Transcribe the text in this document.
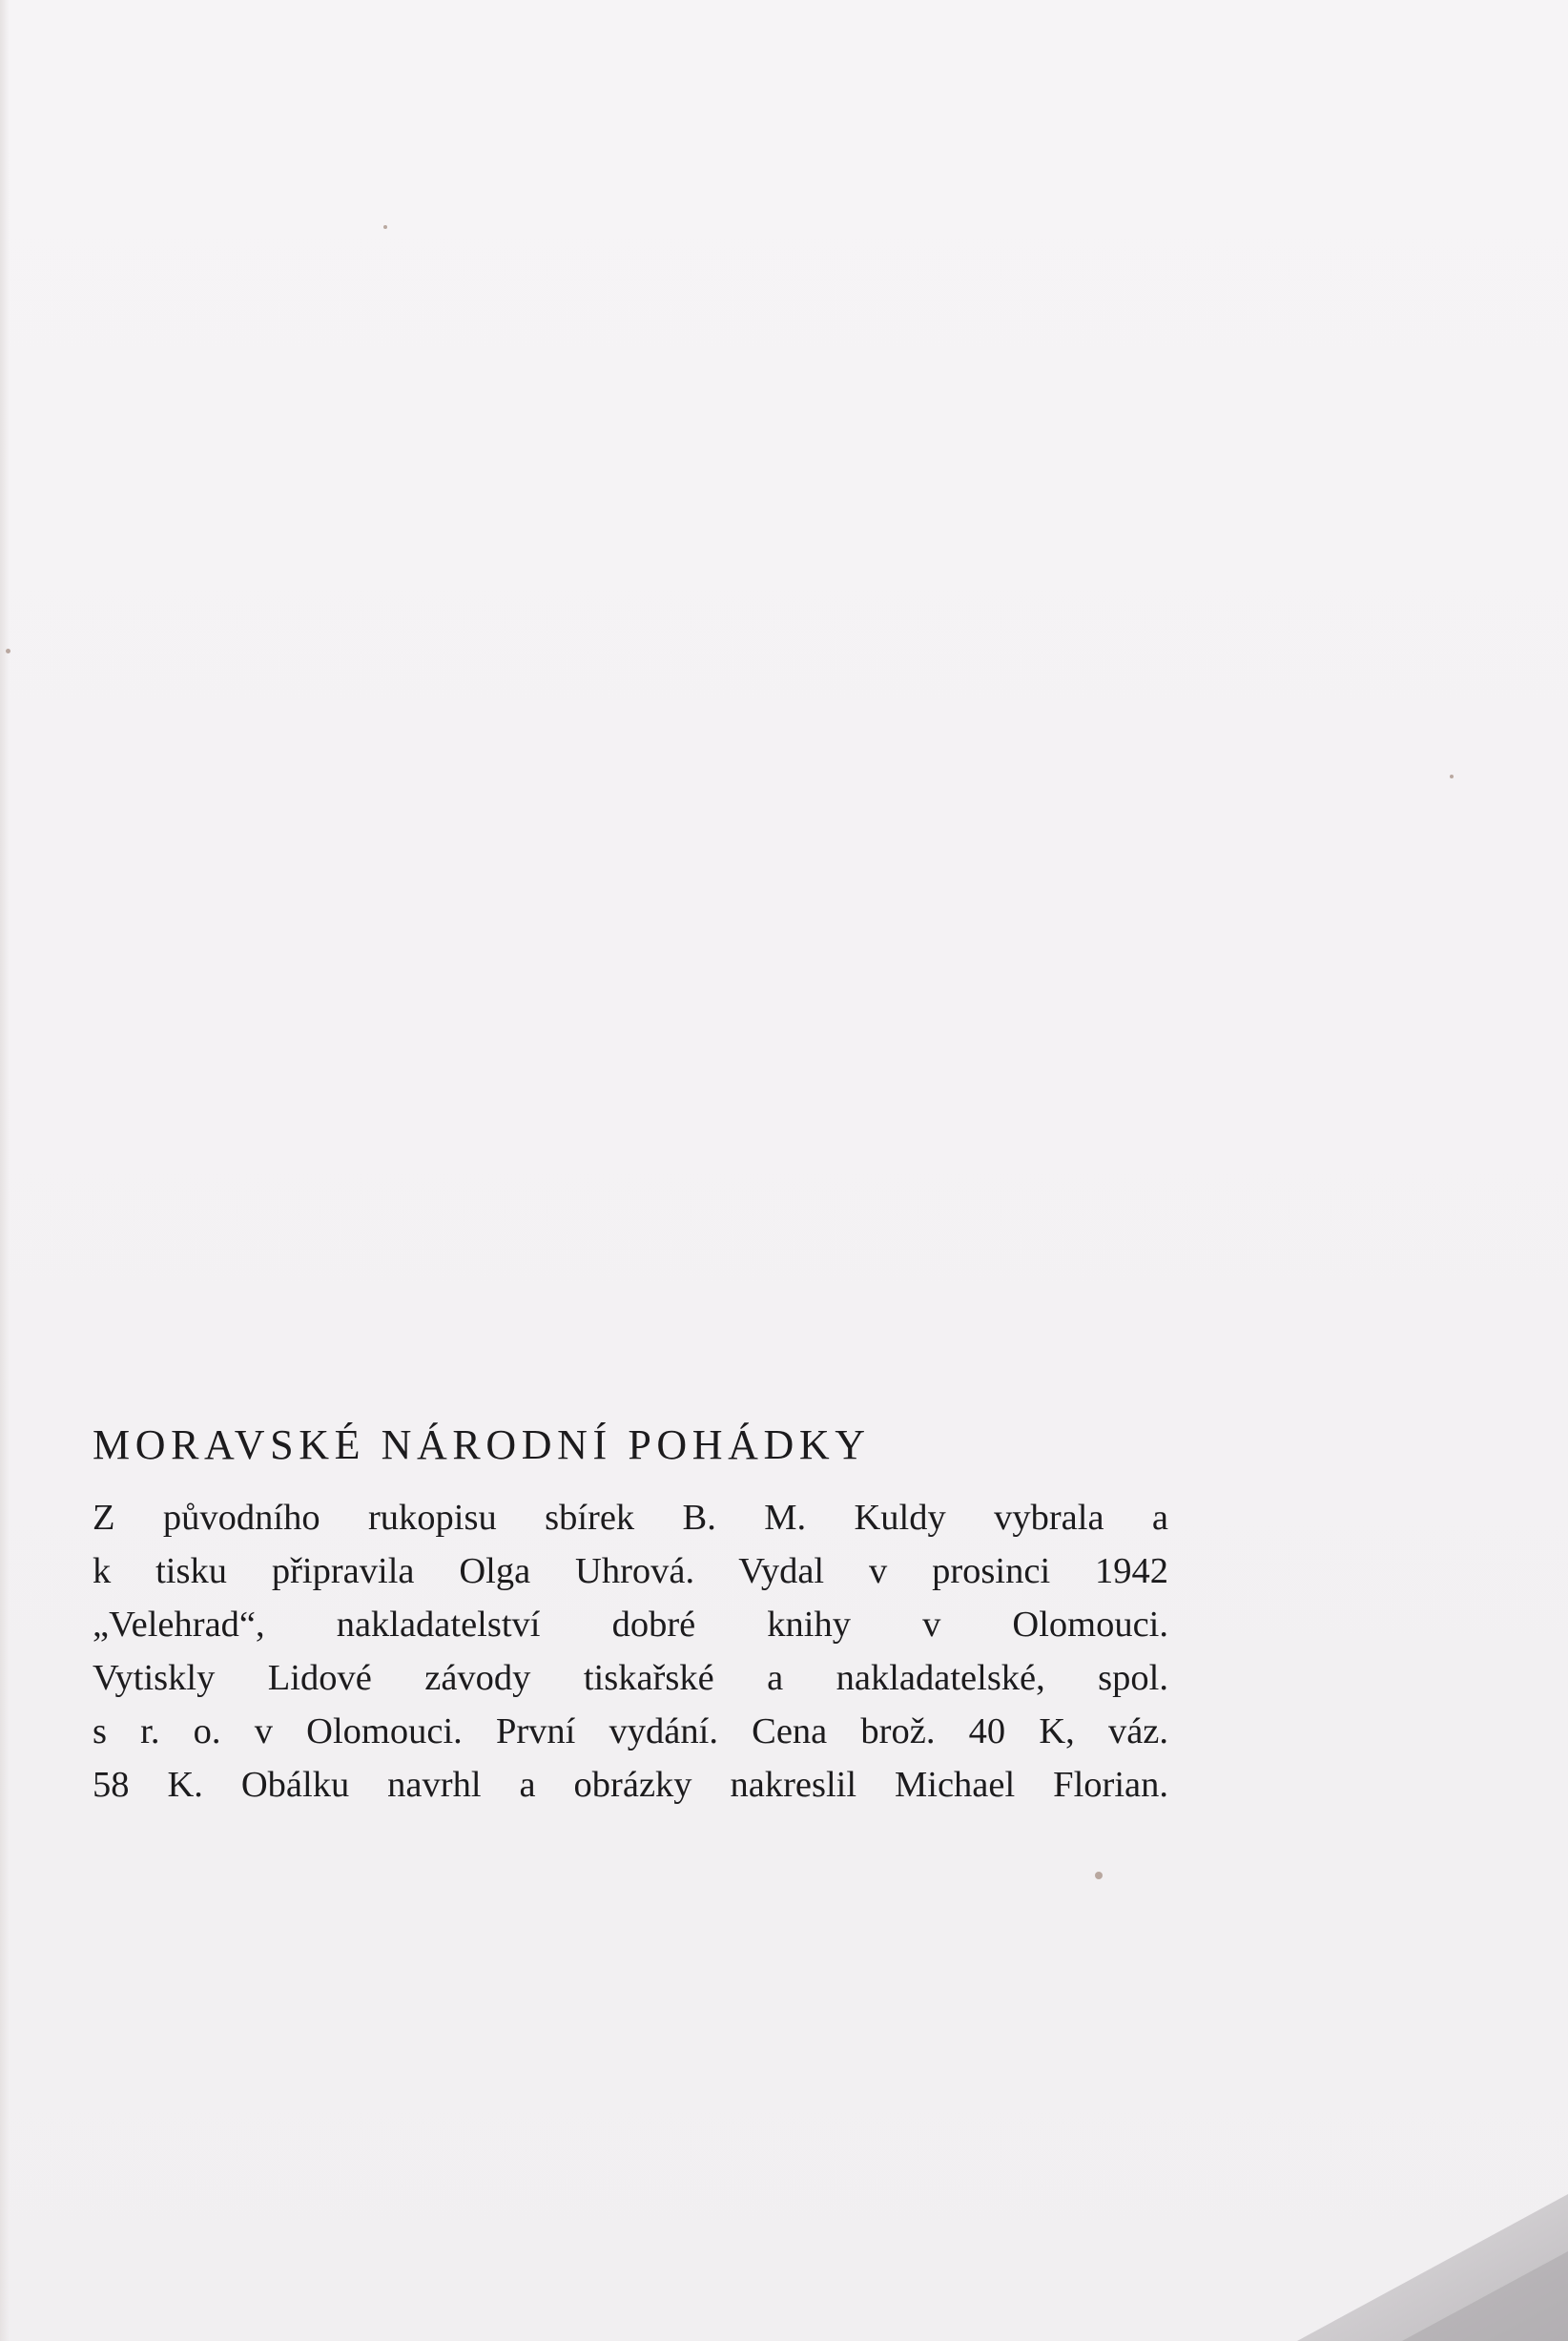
MORAVSKÉ NÁRODNÍ POHÁDKY
Z původního rukopisu sbírek B. M. Kuldy vybrala a
k tisku připravila Olga Uhrová. Vydal v prosinci 1942
„Velehrad“, nakladatelství dobré knihy v Olomouci.
Vytiskly Lidové závody tiskařské a nakladatelské, spol.
s r. o. v Olomouci. První vydání. Cena brož. 40 K, váz.
58 K. Obálku navrhl a obrázky nakreslil Michael Florian.
